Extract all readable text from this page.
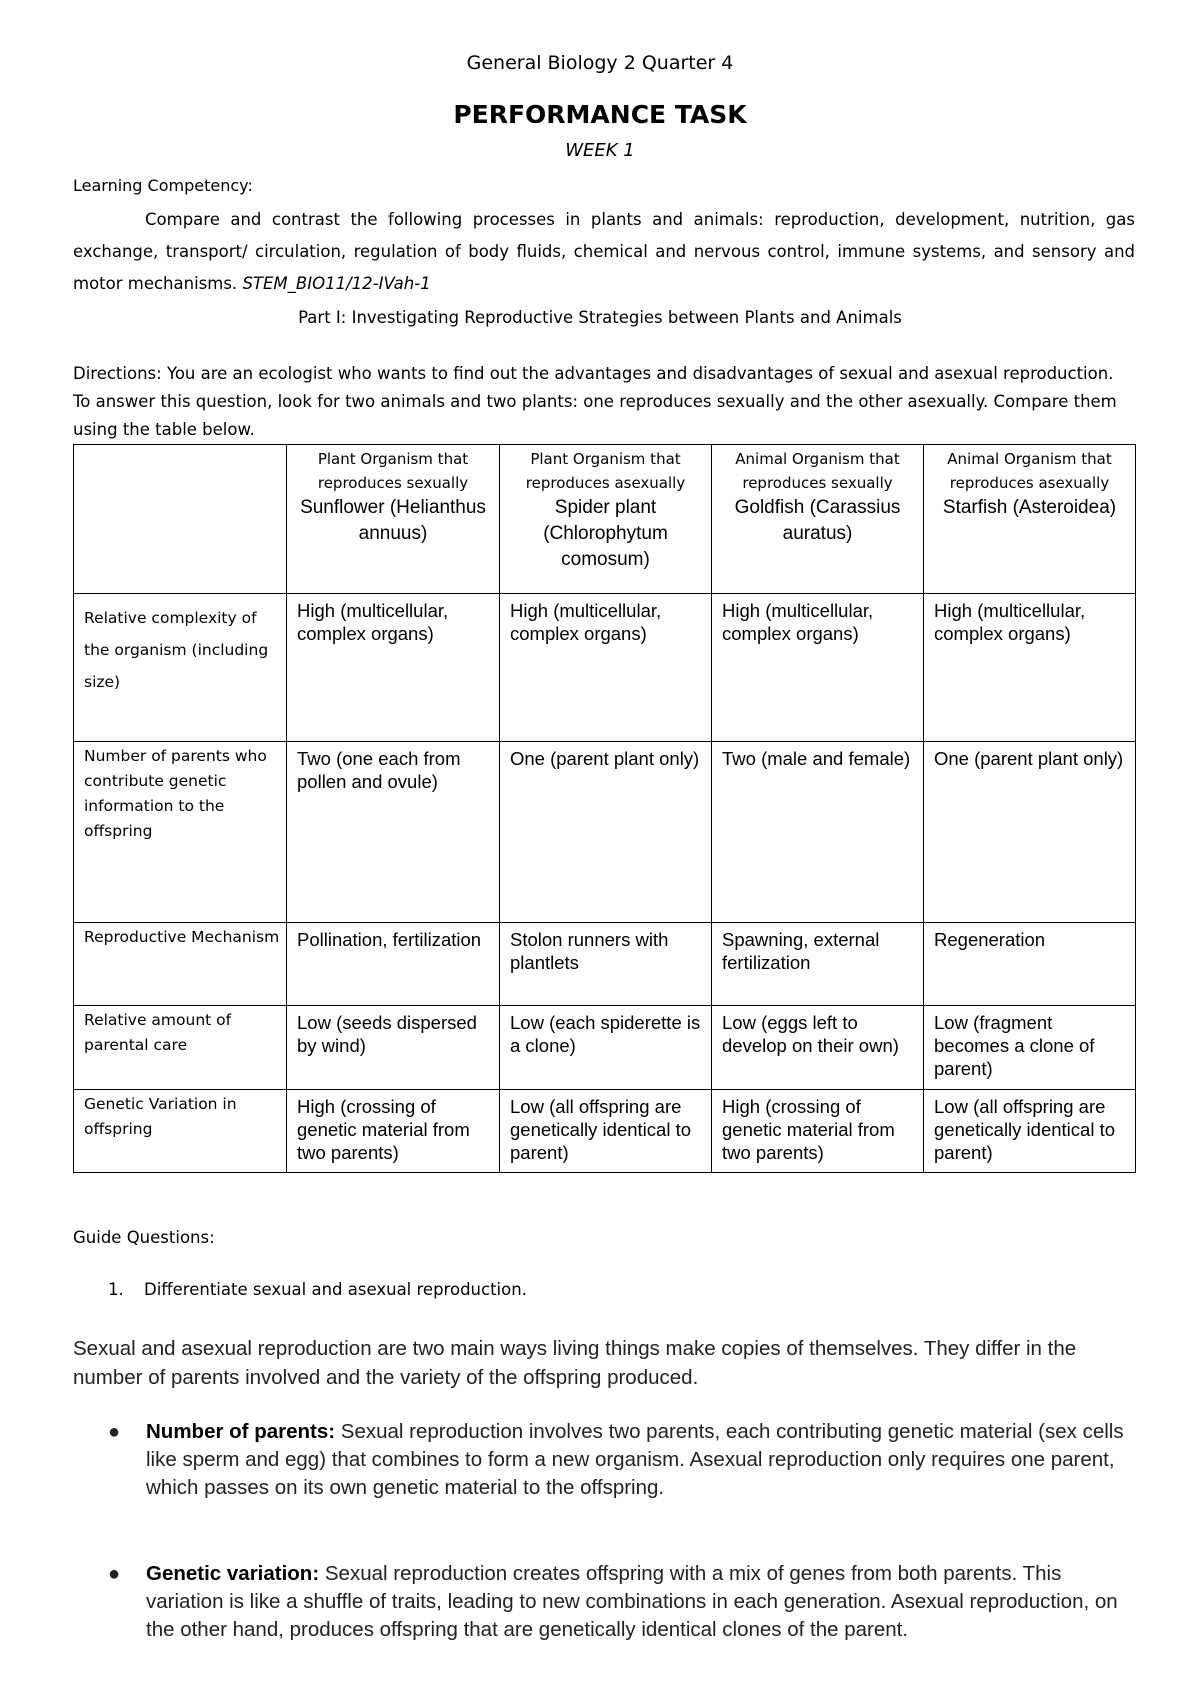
General Biology 2 Quarter 4
PERFORMANCE TASK
WEEK 1
Learning Competency:
Compare and contrast the following processes in plants and animals: reproduction, development, nutrition, gas exchange, transport/ circulation, regulation of body fluids, chemical and nervous control, immune systems, and sensory and motor mechanisms. STEM_BIO11/12-IVah-1
Part I: Investigating Reproductive Strategies between Plants and Animals
Directions: You are an ecologist who wants to find out the advantages and disadvantages of sexual and asexual reproduction. To answer this question, look for two animals and two plants: one reproduces sexually and the other asexually. Compare them using the table below.

	Plant Organism that
reproduces sexually
Sunflower (Helianthus annuus)	Plant Organism that
reproduces asexually
Spider plant (Chlorophytum comosum)	Animal Organism that
reproduces sexually
Goldfish (Carassius auratus)	Animal Organism that
reproduces asexually
Starfish (Asteroidea)

Relative complexity of the organism (including size)	High (multicellular, complex organs)	High (multicellular, complex organs)	High (multicellular, complex organs)	High (multicellular, complex organs)
Number of parents who contribute genetic information to the offspring	Two (one each from pollen and ovule)	One (parent plant only)	Two (male and female)	One (parent plant only)
Reproductive Mechanism	Pollination, fertilization	Stolon runners with plantlets	Spawning, external fertilization	Regeneration
Relative amount of parental care	Low (seeds dispersed by wind)	Low (each spiderette is a clone)	Low (eggs left to develop on their own)	Low (fragment becomes a clone of parent)
Genetic Variation in offspring	High (crossing of genetic material from two parents)	Low (all offspring are genetically identical to parent)	High (crossing of genetic material from two parents)	Low (all offspring are genetically identical to parent)
Guide Questions:
1. Differentiate sexual and asexual reproduction.
Sexual and asexual reproduction are two main ways living things make copies of themselves. They differ in the number of parents involved and the variety of the offspring produced.
● Number of parents: Sexual reproduction involves two parents, each contributing genetic material (sex cells like sperm and egg) that combines to form a new organism. Asexual reproduction only requires one parent, which passes on its own genetic material to the offspring.
● Genetic variation: Sexual reproduction creates offspring with a mix of genes from both parents. This variation is like a shuffle of traits, leading to new combinations in each generation. Asexual reproduction, on the other hand, produces offspring that are genetically identical clones of the parent.
